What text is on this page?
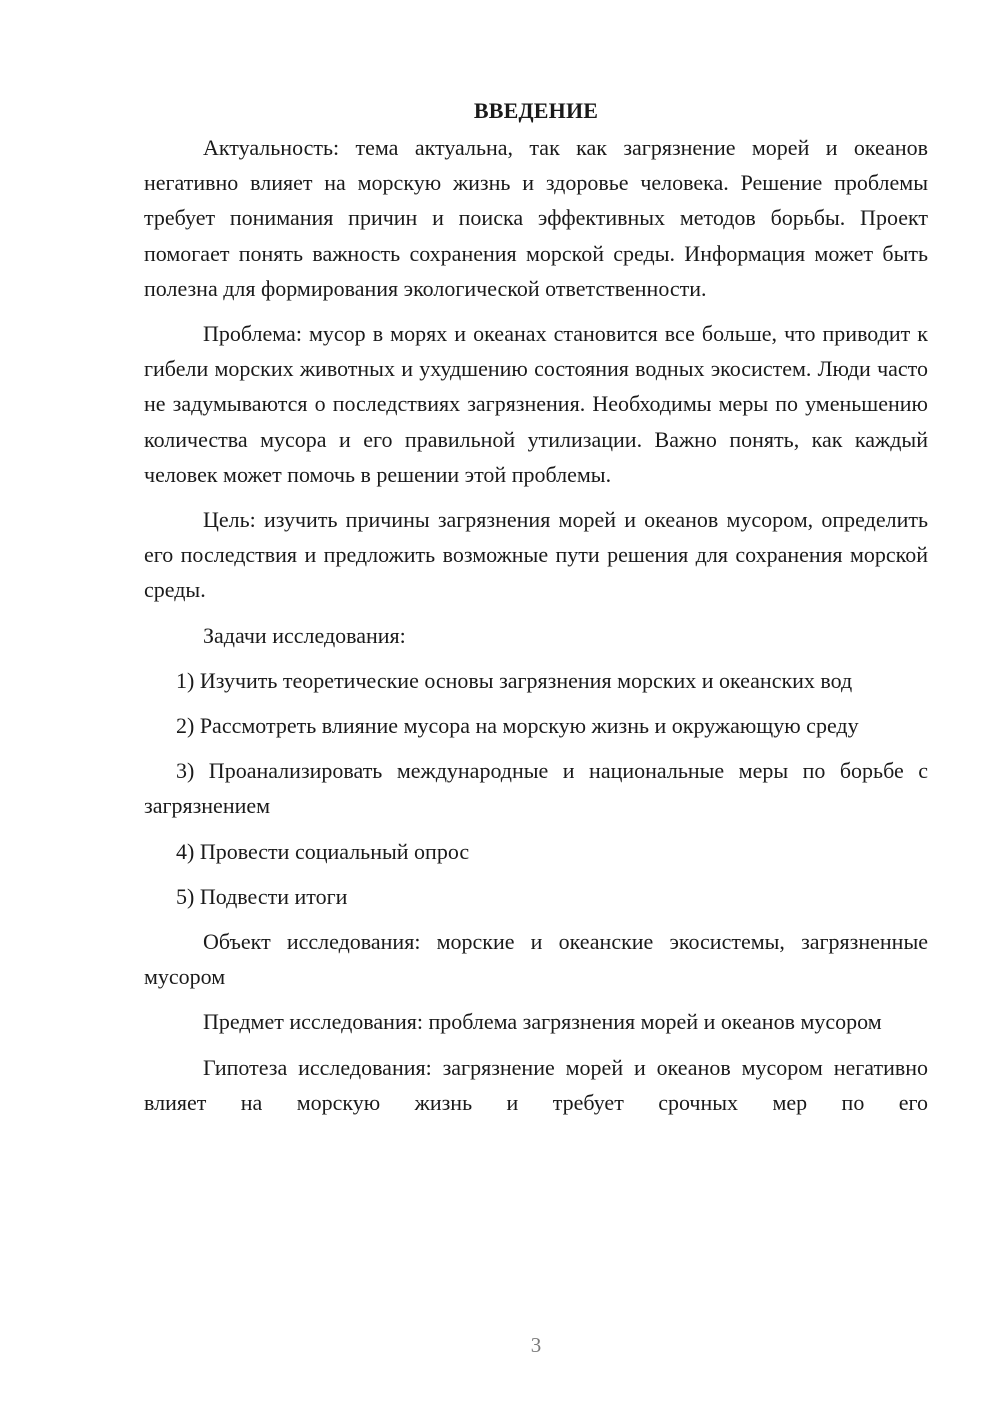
ВВЕДЕНИЕ

Актуальность: тема актуальна, так как загрязнение морей и океанов негативно влияет на морскую жизнь и здоровье человека. Решение проблемы требует понимания причин и поиска эффективных методов борьбы. Проект помогает понять важность сохранения морской среды. Информация может быть полезна для формирования экологической ответственности.

Проблема: мусор в морях и океанах становится все больше, что приводит к гибели морских животных и ухудшению состояния водных экосистем. Люди часто не задумываются о последствиях загрязнения. Необходимы меры по уменьшению количества мусора и его правильной утилизации. Важно понять, как каждый человек может помочь в решении этой проблемы.

Цель: изучить причины загрязнения морей и океанов мусором, определить его последствия и предложить возможные пути решения для сохранения морской среды.

Задачи исследования:

1) Изучить теоретические основы загрязнения морских и океанских вод

2) Рассмотреть влияние мусора на морскую жизнь и окружающую среду

3) Проанализировать международные и национальные меры по борьбе с загрязнением

4) Провести социальный опрос

5) Подвести итоги

Объект исследования: морские и океанские экосистемы, загрязненные мусором

Предмет исследования: проблема загрязнения морей и океанов мусором

Гипотеза исследования: загрязнение морей и океанов мусором негативно влияет на морскую жизнь и требует срочных мер по его

3
